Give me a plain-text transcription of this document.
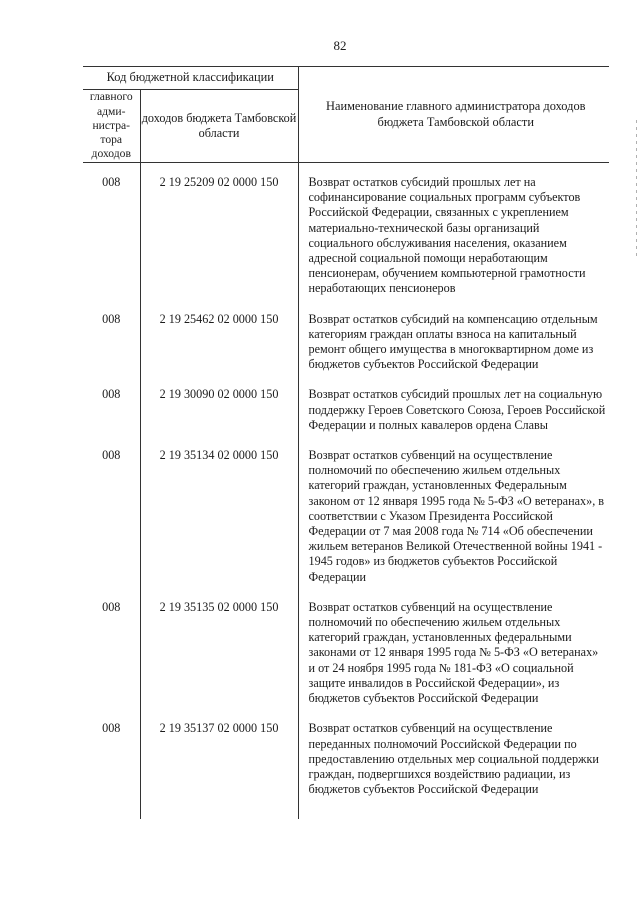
82
Код бюджетной классификации		Наименование главного администратора доходов бюджета Тамбовской области
главного адми- нистра- тора доходов	доходов бюджета Тамбовской области	
008	2 19 25209 02 0000 150	Возврат остатков субсидий прошлых лет на софинансирование социальных программ субъектов Российской Федерации, связанных с укреплением материально-технической базы организаций социального обслуживания населения, оказанием адресной социальной помощи неработающим пенсионерам, обучением компьютерной грамотности неработающих пенсионеров
008	2 19 25462 02 0000 150	Возврат остатков субсидий на компенсацию отдельным категориям граждан оплаты взноса на капитальный ремонт общего имущества в многоквартирном доме из бюджетов субъектов Российской Федерации
008	2 19 30090 02 0000 150	Возврат остатков субсидий прошлых лет на социальную поддержку Героев Советского Союза, Героев Российской Федерации и полных кавалеров ордена Славы
008	2 19 35134 02 0000 150	Возврат остатков субвенций на осуществление полномочий по обеспечению жильем отдельных категорий граждан, установленных Федеральным законом от 12 января 1995 года № 5-ФЗ «О ветеранах», в соответствии с Указом Президента Российской Федерации от 7 мая 2008 года № 714 «Об обеспечении жильем ветеранов Великой Отечественной войны 1941 - 1945 годов» из бюджетов субъектов Российской Федерации
008	2 19 35135 02 0000 150	Возврат остатков субвенций на осуществление полномочий по обеспечению жильем отдельных категорий граждан, установленных федеральными законами от 12 января 1995 года № 5-ФЗ «О ветеранах» и от 24 ноября 1995 года № 181-ФЗ «О социальной защите инвалидов в Российской Федерации», из бюджетов субъектов Российской Федерации
008	2 19 35137 02 0000 150	Возврат остатков субвенций на осуществление переданных полномочий Российской Федерации по предоставлению отдельных мер социальной поддержки граждан, подвергшихся воздействию радиации, из бюджетов субъектов Российской Федерации
